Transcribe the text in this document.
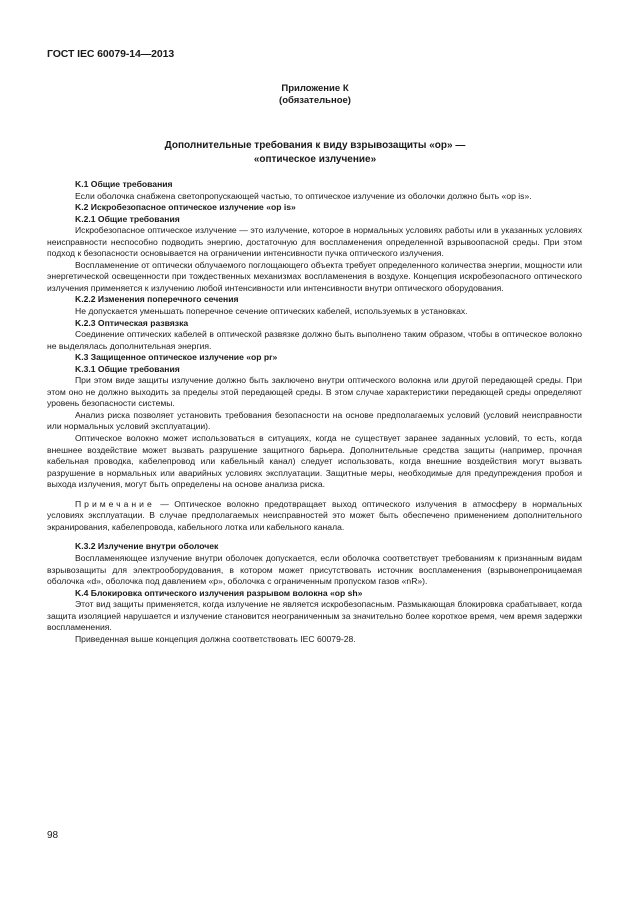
ГОСТ IEC 60079-14—2013
Приложение К
(обязательное)
Дополнительные требования к виду взрывозащиты «op» —
«оптическое излучение»
K.1 Общие требования

Если оболочка снабжена светопропускающей частью, то оптическое излучение из оболочки должно быть «op is».

K.2 Искробезопасное оптическое излучение «op is»
K.2.1 Общие требования

Искробезопасное оптическое излучение — это излучение, которое в нормальных условиях работы или в указанных условиях неисправности неспособно подводить энергию, достаточную для воспламенения определенной взрывоопасной среды. При этом подход к безопасности основывается на ограничении интенсивности пучка оптического излучения.

Воспламенение от оптически облучаемого поглощающего объекта требует определенного количества энергии, мощности или энергетической освещенности при тождественных механизмах воспламенения в воздухе. Концепция искробезопасного оптического излучения применяется к излучению любой интенсивности или интенсивности внутри оптического оборудования.

K.2.2 Изменения поперечного сечения

Не допускается уменьшать поперечное сечение оптических кабелей, используемых в установках.

K.2.3 Оптическая развязка

Соединение оптических кабелей в оптической развязке должно быть выполнено таким образом, чтобы в оптическое волокно не выделялась дополнительная энергия.

K.3 Защищенное оптическое излучение «op pr»
K.3.1 Общие требования

При этом виде защиты излучение должно быть заключено внутри оптического волокна или другой передающей среды. При этом оно не должно выходить за пределы этой передающей среды. В этом случае характеристики передающей среды определяют уровень безопасности системы.

Анализ риска позволяет установить требования безопасности на основе предполагаемых условий (условий неисправности или нормальных условий эксплуатации).

Оптическое волокно может использоваться в ситуациях, когда не существует заранее заданных условий, то есть, когда внешнее воздействие может вызвать разрушение защитного барьера. Дополнительные средства защиты (например, прочная кабельная проводка, кабелепровод или кабельный канал) следует использовать, когда внешние воздействия могут вызвать разрушение в нормальных или аварийных условиях эксплуатации. Защитные меры, необходимые для предупреждения пробоя и выхода излучения, могут быть определены на основе анализа риска.

Примечание — Оптическое волокно предотвращает выход оптического излучения в атмосферу в нормальных условиях эксплуатации. В случае предполагаемых неисправностей это может быть обеспечено применением дополнительного экранирования, кабелепровода, кабельного лотка или кабельного канала.

K.3.2 Излучение внутри оболочек

Воспламеняющее излучение внутри оболочек допускается, если оболочка соответствует требованиям к признанным видам взрывозащиты для электрооборудования, в котором может присутствовать источник воспламенения (взрывонепроницаемая оболочка «d», оболочка под давлением «p», оболочка с ограниченным пропуском газов «nR»).

K.4 Блокировка оптического излучения разрывом волокна «op sh»

Этот вид защиты применяется, когда излучение не является искробезопасным. Размыкающая блокировка срабатывает, когда защита изоляцией нарушается и излучение становится неограниченным за значительно более короткое время, чем время задержки воспламенения.

Приведенная выше концепция должна соответствовать IEC 60079-28.

98
